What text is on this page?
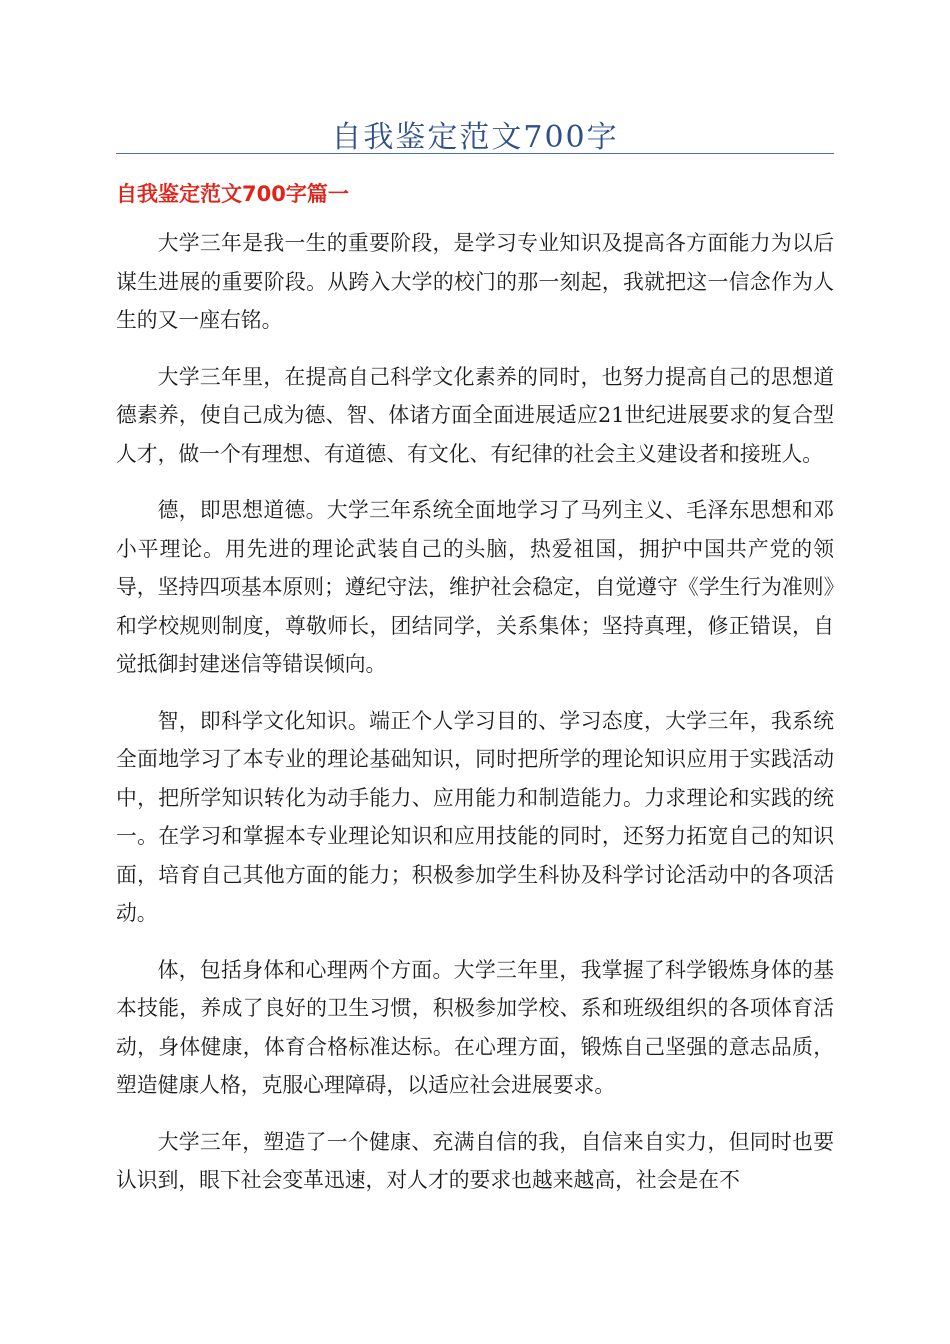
自我鉴定范文700字
自我鉴定范文700字篇一

大学三年是我一生的重要阶段，是学习专业知识及提高各方面能力为以后谋生进展的重要阶段。从跨入大学的校门的那一刻起，我就把这一信念作为人生的又一座右铭。

大学三年里，在提高自己科学文化素养的同时，也努力提高自己的思想道德素养，使自己成为德、智、体诸方面全面进展适应21世纪进展要求的复合型人才，做一个有理想、有道德、有文化、有纪律的社会主义建设者和接班人。

德，即思想道德。大学三年系统全面地学习了马列主义、毛泽东思想和邓小平理论。用先进的理论武装自己的头脑，热爱祖国，拥护中国共产党的领导，坚持四项基本原则；遵纪守法，维护社会稳定，自觉遵守《学生行为准则》和学校规则制度，尊敬师长，团结同学，关系集体；坚持真理，修正错误，自觉抵御封建迷信等错误倾向。

智，即科学文化知识。端正个人学习目的、学习态度，大学三年，我系统全面地学习了本专业的理论基础知识，同时把所学的理论知识应用于实践活动中，把所学知识转化为动手能力、应用能力和制造能力。力求理论和实践的统一。在学习和掌握本专业理论知识和应用技能的同时，还努力拓宽自己的知识面，培育自己其他方面的能力；积极参加学生科协及科学讨论活动中的各项活动。

体，包括身体和心理两个方面。大学三年里，我掌握了科学锻炼身体的基本技能，养成了良好的卫生习惯，积极参加学校、系和班级组织的各项体育活动，身体健康，体育合格标准达标。在心理方面，锻炼自己坚强的意志品质，塑造健康人格，克服心理障碍，以适应社会进展要求。

大学三年，塑造了一个健康、充满自信的我，自信来自实力，但同时也要认识到，眼下社会变革迅速，对人才的要求也越来越高，社会是在不
